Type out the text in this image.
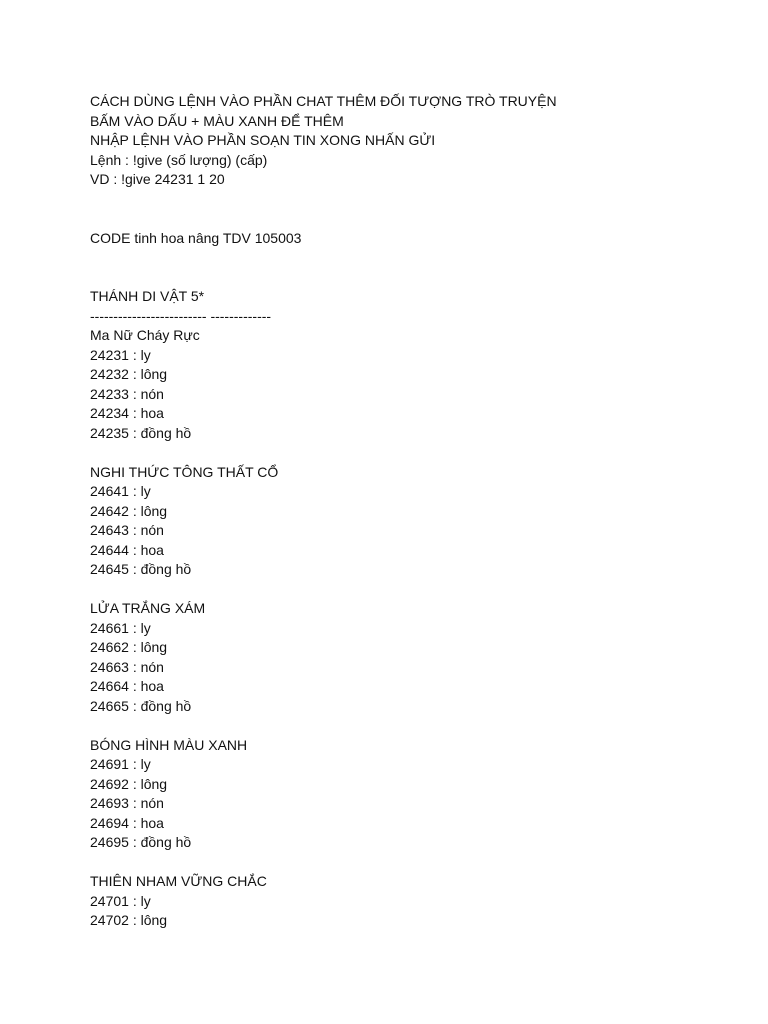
CÁCH DÙNG LỆNH VÀO PHẦN CHAT THÊM ĐỐI TƯỢNG TRÒ TRUYỆN
BẤM VÀO DẤU + MÀU XANH ĐỂ THÊM
NHẬP LỆNH VÀO PHẦN SOẠN TIN XONG NHẤN GỬI
Lệnh : !give (số lượng) (cấp)
VD : !give 24231 1 20
CODE tinh hoa nâng TDV 105003
THÁNH DI VẬT 5*
------------------------- -------------
Ma Nữ Cháy Rực
24231 : ly
24232 : lông
24233 : nón
24234 : hoa
24235 : đồng hồ
NGHI THỨC TÔNG THẤT CỔ
24641 : ly
24642 : lông
24643 : nón
24644 : hoa
24645 : đồng hồ
LỬA TRẮNG XÁM
24661 : ly
24662 : lông
24663 : nón
24664 : hoa
24665 : đồng hồ
BÓNG HÌNH MÀU XANH
24691 : ly
24692 : lông
24693 : nón
24694 : hoa
24695 : đồng hồ
THIÊN NHAM VỮNG CHẮC
24701 : ly
24702 : lông
